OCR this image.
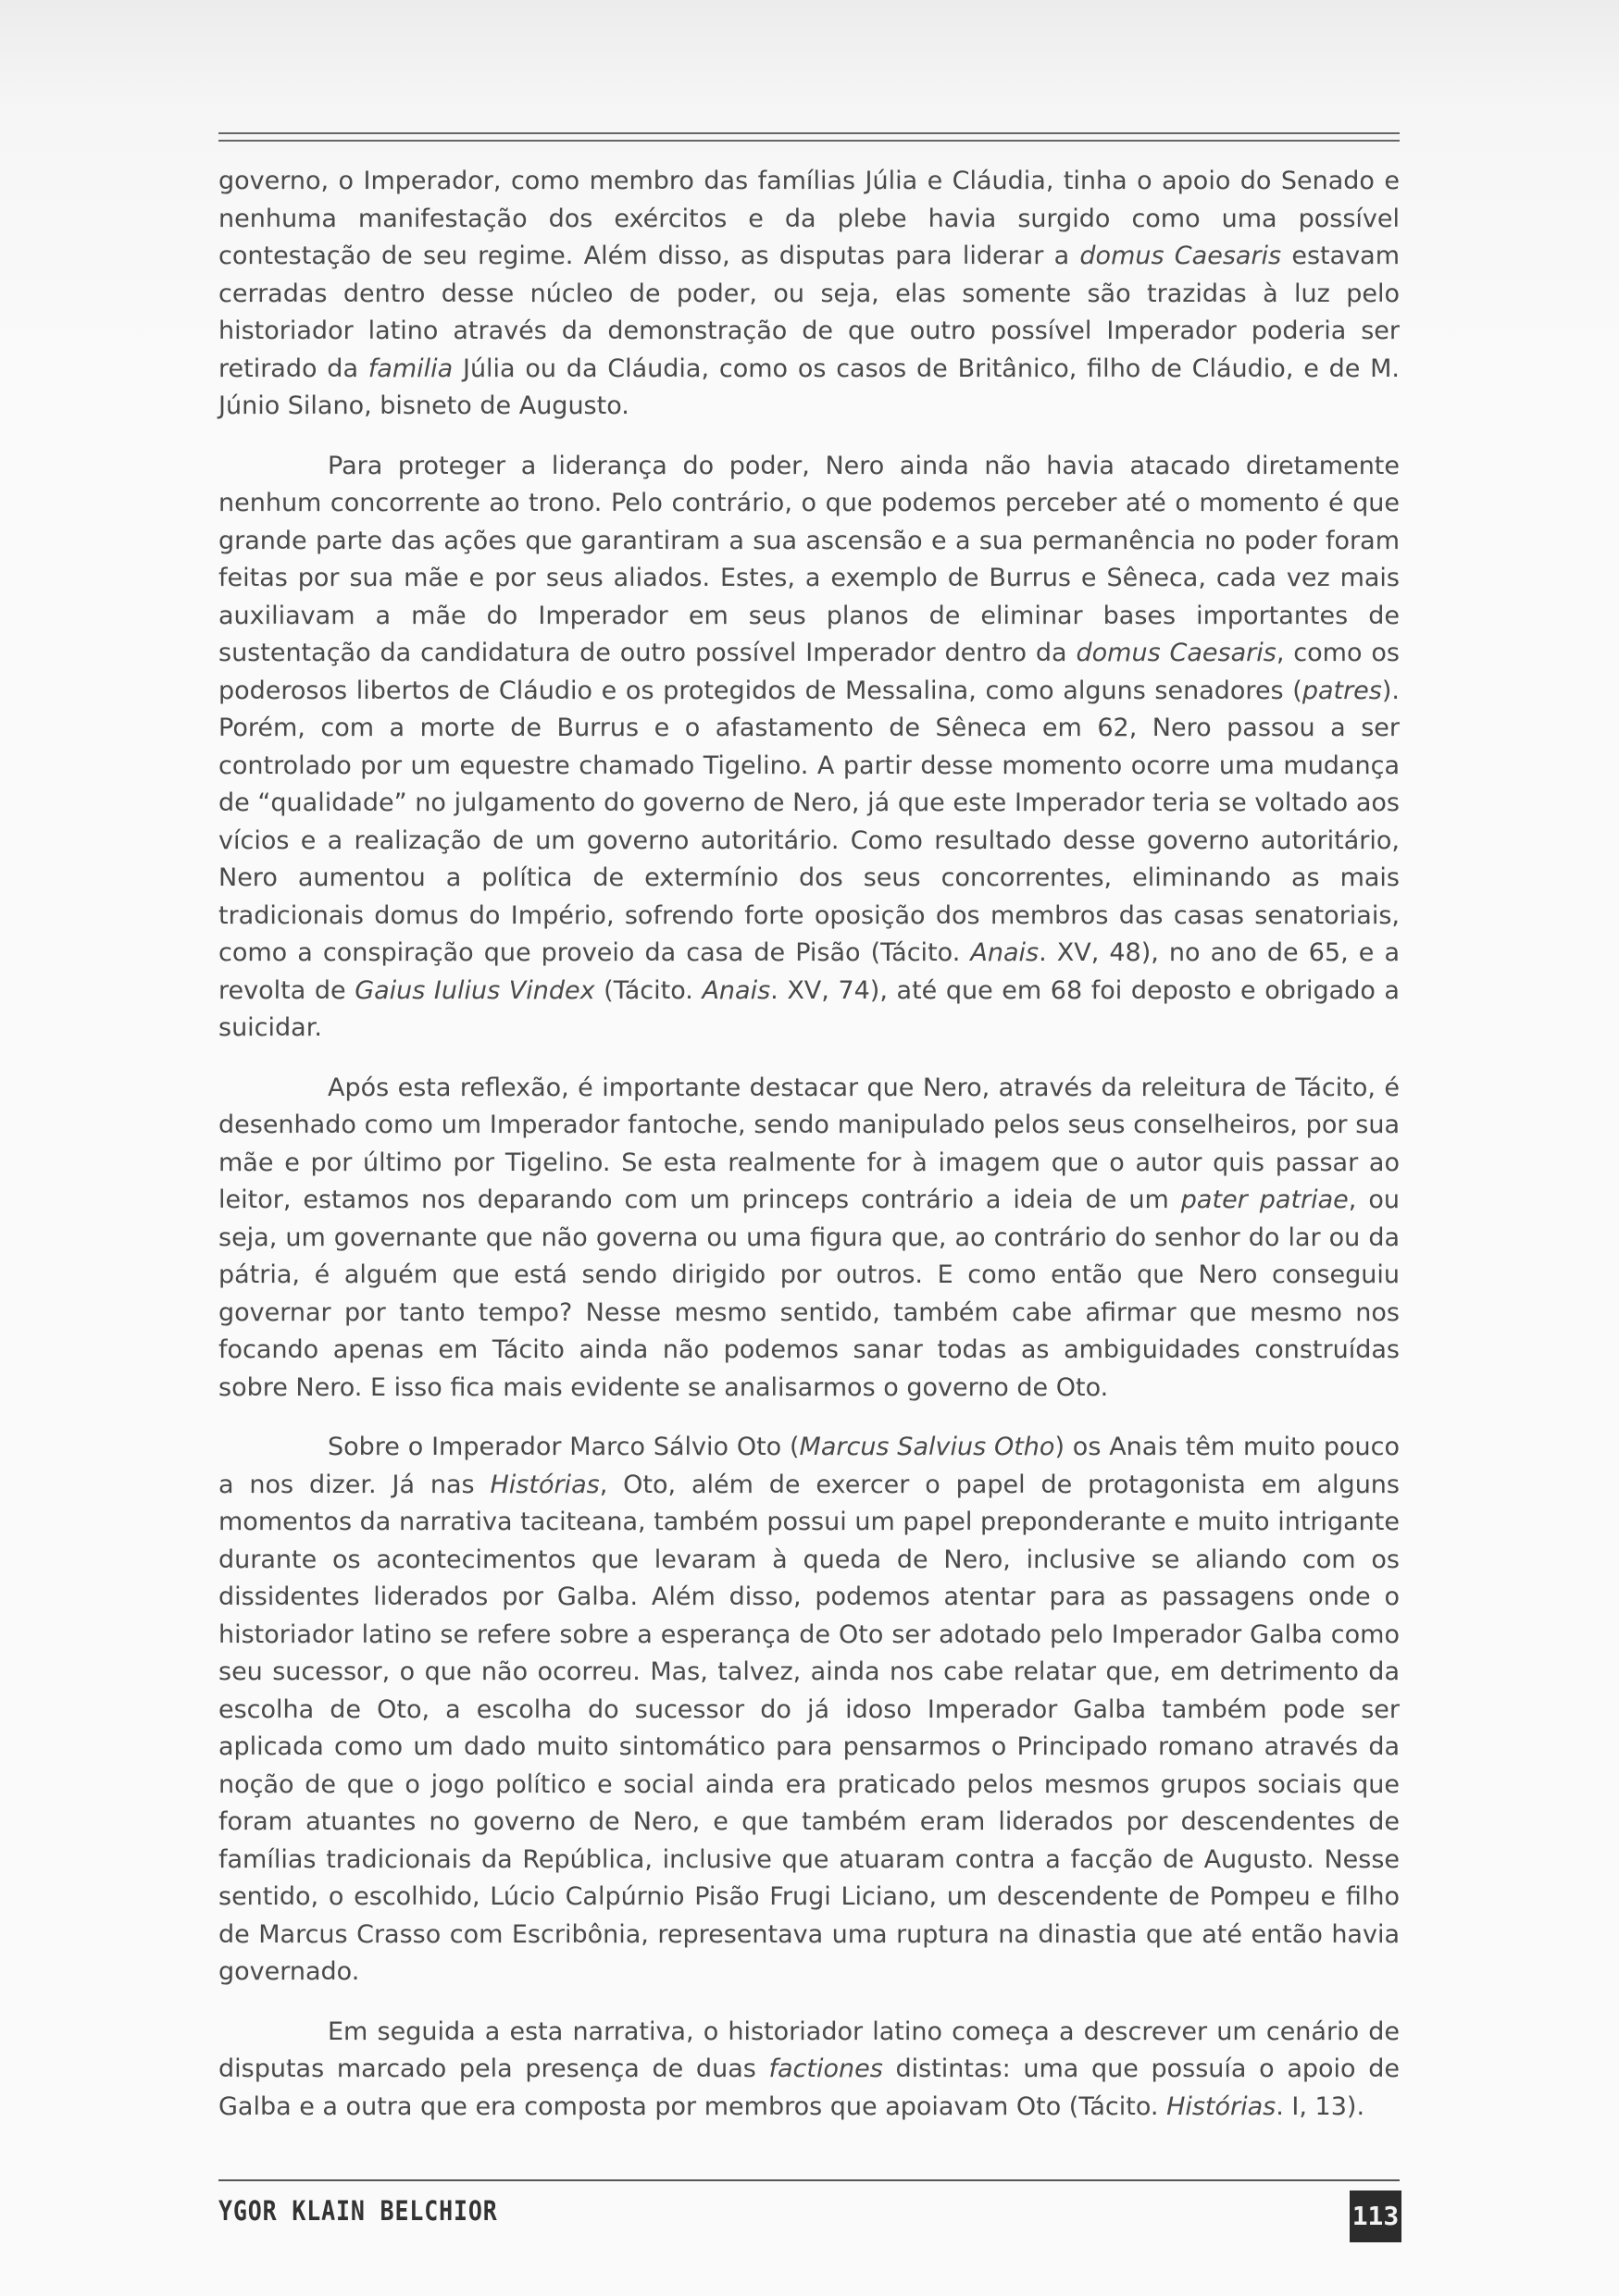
governo, o Imperador, como membro das famílias Júlia e Cláudia, tinha o apoio do Senado e nenhuma manifestação dos exércitos e da plebe havia surgido como uma possível contestação de seu regime. Além disso, as disputas para liderar a domus Caesaris estavam cerradas dentro desse núcleo de poder, ou seja, elas somente são trazidas à luz pelo historiador latino através da demonstração de que outro possível Imperador poderia ser retirado da familia Júlia ou da Cláudia, como os casos de Britânico, filho de Cláudio, e de M. Júnio Silano, bisneto de Augusto.

Para proteger a liderança do poder, Nero ainda não havia atacado diretamente nenhum concorrente ao trono. Pelo contrário, o que podemos perceber até o momento é que grande parte das ações que garantiram a sua ascensão e a sua permanência no poder foram feitas por sua mãe e por seus aliados. Estes, a exemplo de Burrus e Sêneca, cada vez mais auxiliavam a mãe do Imperador em seus planos de eliminar bases importantes de sustentação da candidatura de outro possível Imperador dentro da domus Caesaris, como os poderosos libertos de Cláudio e os protegidos de Messalina, como alguns senadores (patres). Porém, com a morte de Burrus e o afastamento de Sêneca em 62, Nero passou a ser controlado por um equestre chamado Tigelino. A partir desse momento ocorre uma mudança de “qualidade” no julgamento do governo de Nero, já que este Imperador teria se voltado aos vícios e a realização de um governo autoritário. Como resultado desse governo autoritário, Nero aumentou a política de extermínio dos seus concorrentes, eliminando as mais tradicionais domus do Império, sofrendo forte oposição dos membros das casas senatoriais, como a conspiração que proveio da casa de Pisão (Tácito. Anais. XV, 48), no ano de 65, e a revolta de Gaius Iulius Vindex (Tácito. Anais. XV, 74), até que em 68 foi deposto e obrigado a suicidar.

Após esta reflexão, é importante destacar que Nero, através da releitura de Tácito, é desenhado como um Imperador fantoche, sendo manipulado pelos seus conselheiros, por sua mãe e por último por Tigelino. Se esta realmente for à imagem que o autor quis passar ao leitor, estamos nos deparando com um princeps contrário a ideia de um pater patriae, ou seja, um governante que não governa ou uma figura que, ao contrário do senhor do lar ou da pátria, é alguém que está sendo dirigido por outros. E como então que Nero conseguiu governar por tanto tempo? Nesse mesmo sentido, também cabe afirmar que mesmo nos focando apenas em Tácito ainda não podemos sanar todas as ambiguidades construídas sobre Nero. E isso fica mais evidente se analisarmos o governo de Oto.

Sobre o Imperador Marco Sálvio Oto (Marcus Salvius Otho) os Anais têm muito pouco a nos dizer. Já nas Histórias, Oto, além de exercer o papel de protagonista em alguns momentos da narrativa taciteana, também possui um papel preponderante e muito intrigante durante os acontecimentos que levaram à queda de Nero, inclusive se aliando com os dissidentes liderados por Galba. Além disso, podemos atentar para as passagens onde o historiador latino se refere sobre a esperança de Oto ser adotado pelo Imperador Galba como seu sucessor, o que não ocorreu. Mas, talvez, ainda nos cabe relatar que, em detrimento da escolha de Oto, a escolha do sucessor do já idoso Imperador Galba também pode ser aplicada como um dado muito sintomático para pensarmos o Principado romano através da noção de que o jogo político e social ainda era praticado pelos mesmos grupos sociais que foram atuantes no governo de Nero, e que também eram liderados por descendentes de famílias tradicionais da República, inclusive que atuaram contra a facção de Augusto. Nesse sentido, o escolhido, Lúcio Calpúrnio Pisão Frugi Liciano, um descendente de Pompeu e filho de Marcus Crasso com Escribônia, representava uma ruptura na dinastia que até então havia governado.

Em seguida a esta narrativa, o historiador latino começa a descrever um cenário de disputas marcado pela presença de duas factiones distintas: uma que possuía o apoio de Galba e a outra que era composta por membros que apoiavam Oto (Tácito. Histórias. I, 13).

YGOR KLAIN BELCHIOR	113
